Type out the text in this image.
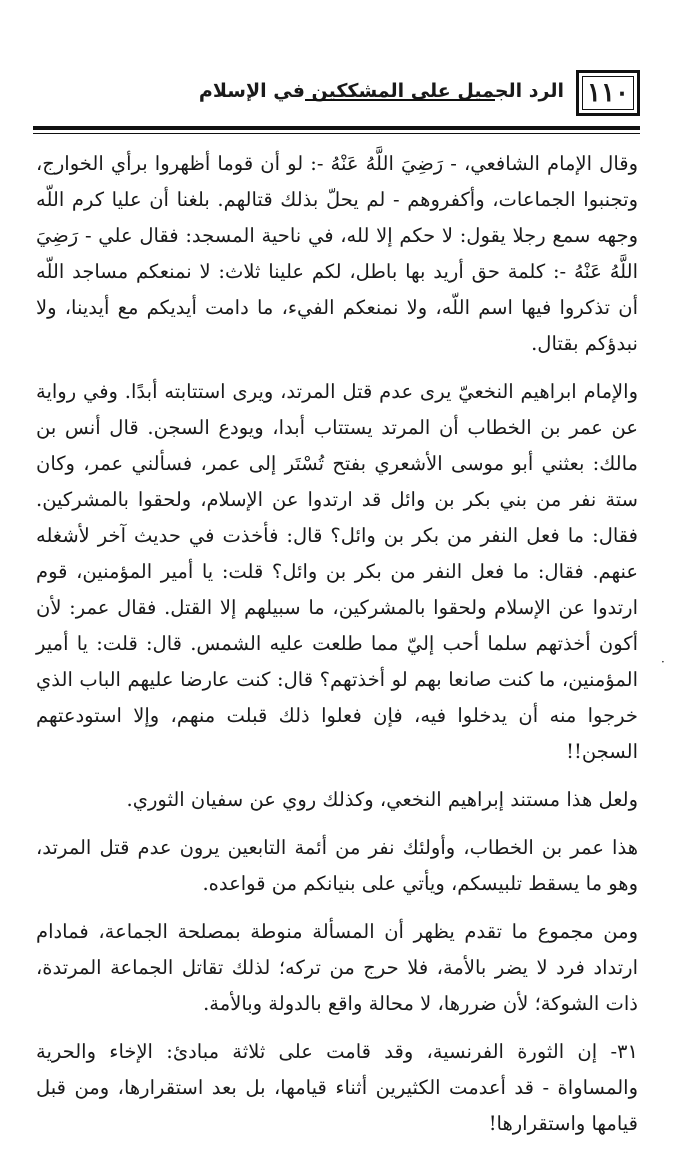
١١٠
الرد الجميل على المشككين في الإسلام

وقال الإمام الشافعي، - رَضِيَ اللَّهُ عَنْهُ -: لو أن قوما أظهروا برأي الخوارج، وتجنبوا الجماعات، وأكفروهم - لم يحلّ بذلك قتالهم. بلغنا أن عليا كرم اللّه وجهه سمع رجلا يقول: لا حكم إلا لله، في ناحية المسجد: فقال علي - رَضِيَ اللَّهُ عَنْهُ -: كلمة حق أريد بها باطل، لكم علينا ثلاث: لا نمنعكم مساجد اللّه أن تذكروا فيها اسم اللّه، ولا نمنعكم الفيء، ما دامت أيديكم مع أيدينا، ولا نبدؤكم بقتال.

والإمام ابراهيم النخعيّ يرى عدم قتل المرتد، ويرى استتابته أبدًا. وفي رواية عن عمر بن الخطاب أن المرتد يستتاب أبدا، ويودع السجن. قال أنس بن مالك: بعثني أبو موسى الأشعري بفتح تُسْتَر إلى عمر، فسألني عمر، وكان ستة نفر من بني بكر بن وائل قد ارتدوا عن الإسلام، ولحقوا بالمشركين. فقال: ما فعل النفر من بكر بن وائل؟ قال: فأخذت في حديث آخر لأشغله عنهم. فقال: ما فعل النفر من بكر بن وائل؟ قلت: يا أمير المؤمنين، قوم ارتدوا عن الإسلام ولحقوا بالمشركين، ما سبيلهم إلا القتل. فقال عمر: لأن أكون أخذتهم سلما أحب إليّ مما طلعت عليه الشمس. قال: قلت: يا أمير المؤمنين، ما كنت صانعا بهم لو أخذتهم؟ قال: كنت عارضا عليهم الباب الذي خرجوا منه أن يدخلوا فيه، فإن فعلوا ذلك قبلت منهم، وإلا استودعتهم السجن!!

ولعل هذا مستند إبراهيم النخعي، وكذلك روي عن سفيان الثوري.

هذا عمر بن الخطاب، وأولئك نفر من أئمة التابعين يرون عدم قتل المرتد، وهو ما يسقط تلبيسكم، ويأتي على بنيانكم من قواعده.

ومن مجموع ما تقدم يظهر أن المسألة منوطة بمصلحة الجماعة، فمادام ارتداد فرد لا يضر بالأمة، فلا حرج من تركه؛ لذلك تقاتل الجماعة المرتدة، ذات الشوكة؛ لأن ضررها، لا محالة واقع بالدولة وبالأمة.

٣١- إن الثورة الفرنسية، وقد قامت على ثلاثة مبادئ: الإخاء والحرية والمساواة - قد أعدمت الكثيرين أثناء قيامها، بل بعد استقرارها، ومن قبل قيامها واستقرارها!

·
